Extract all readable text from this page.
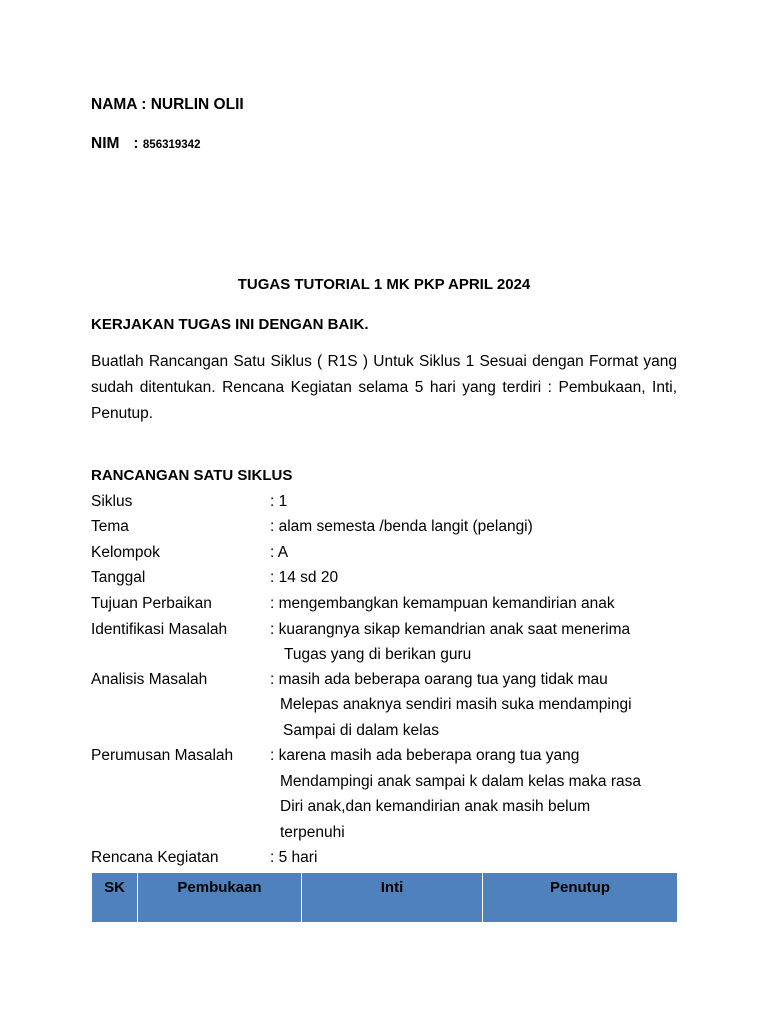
NAMA : NURLIN OLII
NIM : 856319342
TUGAS TUTORIAL 1 MK PKP APRIL 2024
KERJAKAN TUGAS INI DENGAN BAIK.
Buatlah Rancangan Satu Siklus ( R1S ) Untuk Siklus 1 Sesuai dengan Format yang sudah ditentukan. Rencana Kegiatan selama 5 hari yang terdiri : Pembukaan, Inti, Penutup.
RANCANGAN SATU SIKLUS
Siklus	: 1
Tema	: alam semesta /benda langit (pelangi)
Kelompok	: A
Tanggal	: 14 sd 20
Tujuan Perbaikan	: mengembangkan kemampuan kemandirian anak
Identifikasi Masalah	: kuarangnya sikap kemandrian anak saat menerima
Tugas yang di berikan guru
Analisis Masalah	: masih ada beberapa oarang tua yang tidak mau
Melepas anaknya sendiri masih suka mendampingi
Sampai di dalam kelas
Perumusan Masalah : karena masih ada beberapa orang tua yang
Mendampingi anak sampai k dalam kelas maka rasa
Diri anak,dan kemandirian anak masih belum
terpenuhi
Rencana Kegiatan	: 5 hari
SK	Pembukaan	Inti	Penutup
